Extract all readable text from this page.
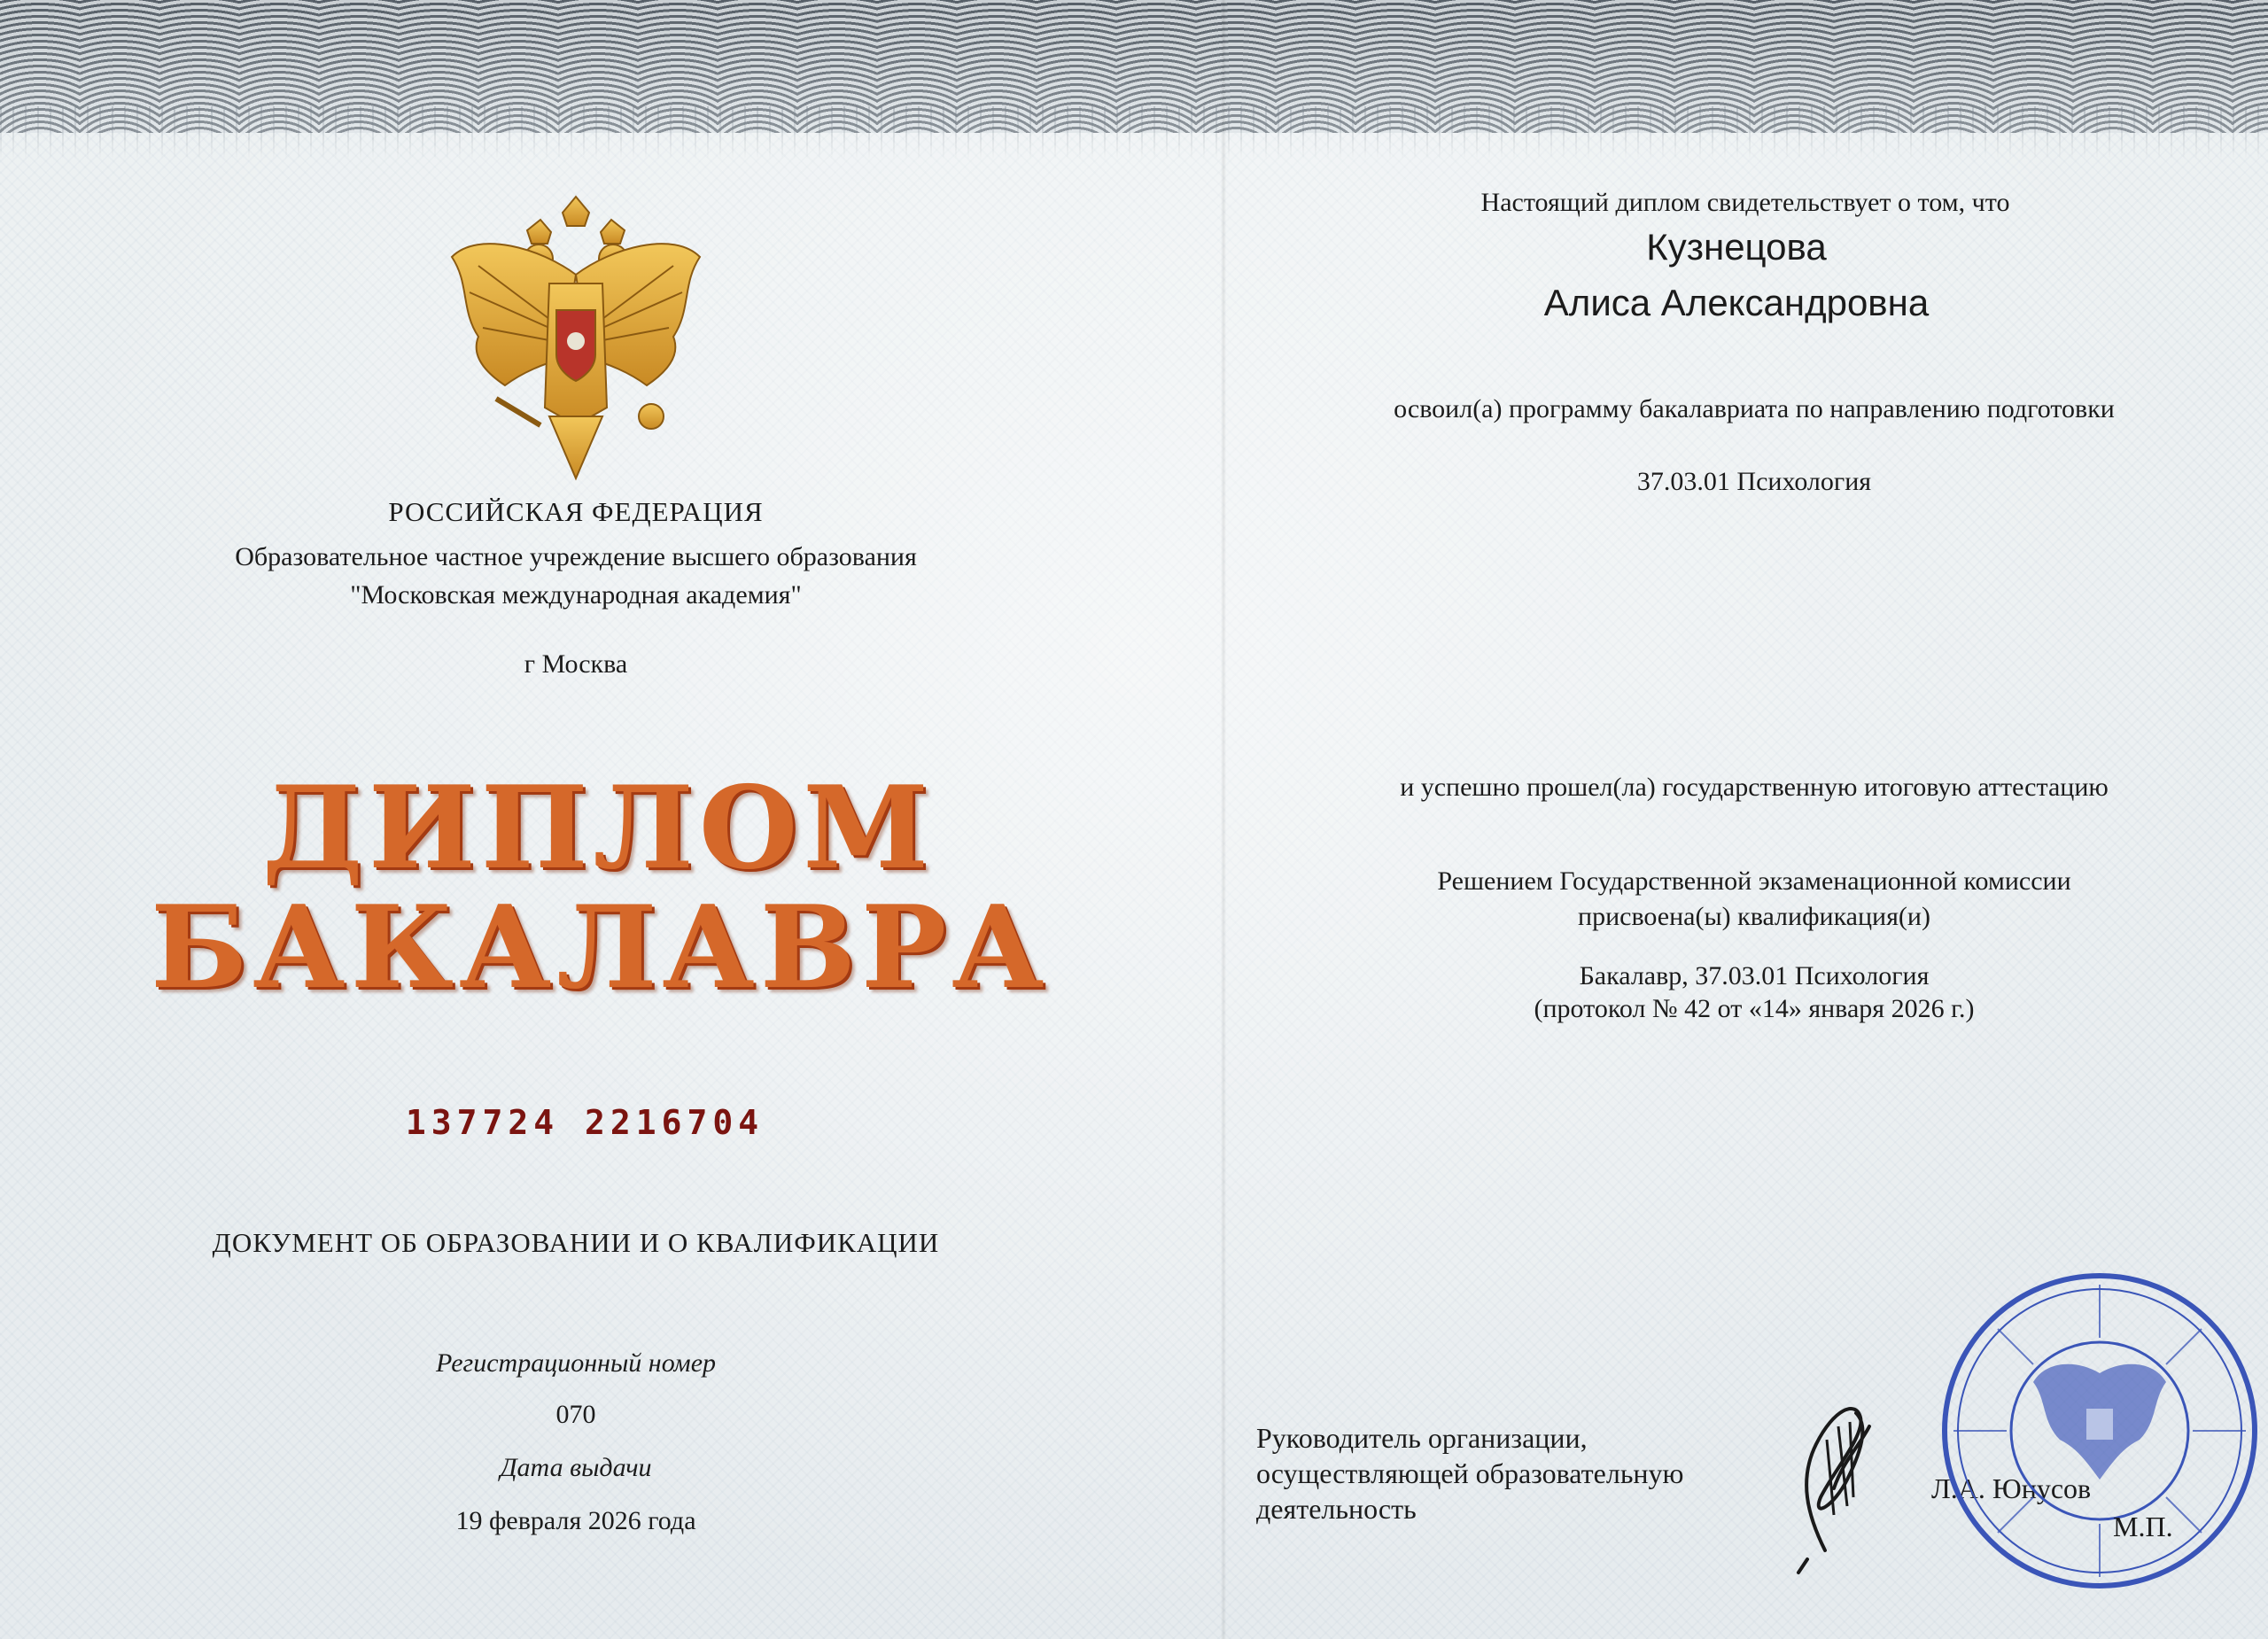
РОССИЙСКАЯ ФЕДЕРАЦИЯ
Образовательное частное учреждение высшего образования
"Московская международная академия"
г Москва
ДИПЛОМ
БАКАЛАВРА
137724 2216704
ДОКУМЕНТ ОБ ОБРАЗОВАНИИ И О КВАЛИФИКАЦИИ
Регистрационный номер
070
Дата выдачи
19 февраля 2026 года
Настоящий диплом свидетельствует о том, что
Кузнецова
Алиса Александровна
освоил(а) программу бакалавриата по направлению подготовки
37.03.01 Психология
и успешно прошел(ла) государственную итоговую аттестацию
Решением Государственной экзаменационной комиссии
присвоена(ы) квалификация(и)
Бакалавр, 37.03.01 Психология
(протокол № 42 от «14» января 2026 г.)
Руководитель организации,
осуществляющей образовательную
деятельность
Л.А. Юнусов
М.П.
